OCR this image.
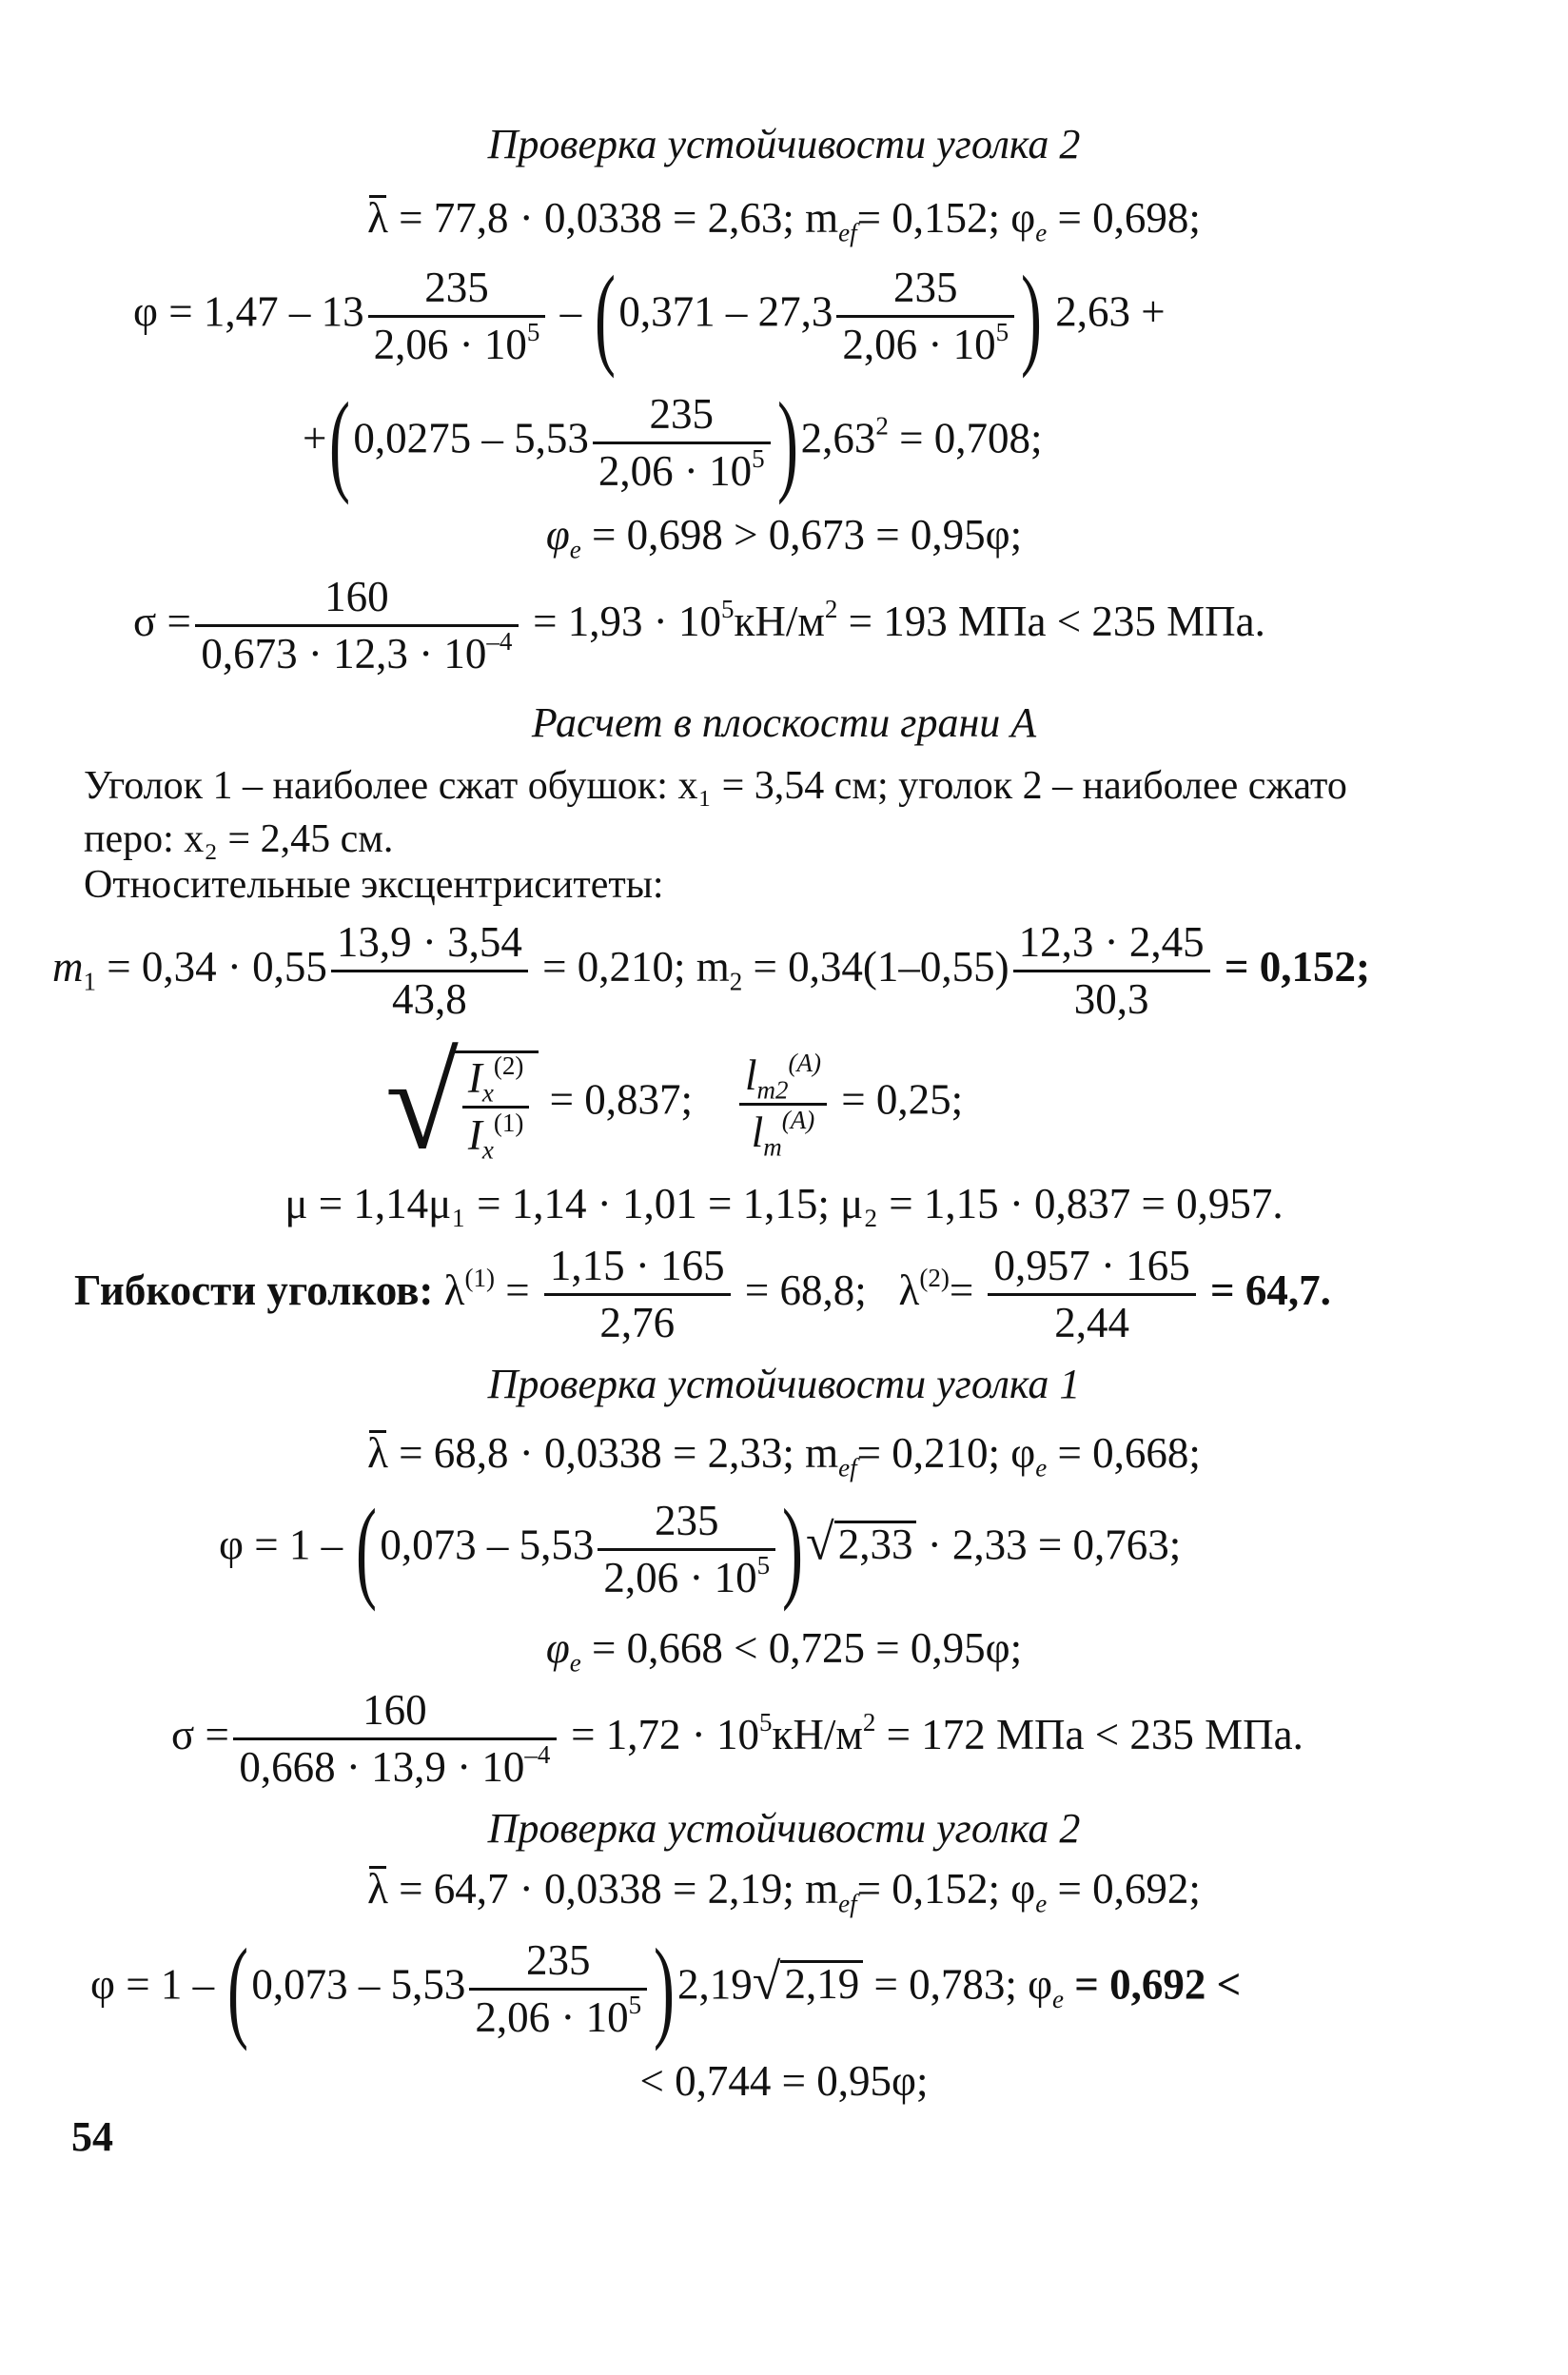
Проверка устойчивости уголка 2
λ = 77,8 · 0,0338 = 2,63; $m_{ef}= 0,152$; $\varphi_e = 0,698$;
$\varphi = 1,47 - 13 \frac{235}{2,06 \cdot 10^5} - (0,371 - 27,3 \frac{235}{2,06 \cdot 10^5}$ ) 2,63 +
$+(0,0275 - 5,53 \frac{235}{2,06 \cdot 10^5} )2,63^2 = 0,708$;
$\varphi_e = 0,698 > 0,673 = 0,95\varphi$;
$\sigma = \frac{160}{0,673 \cdot 12,3 \cdot 10^{-4}} = 1,93 \cdot 10^5кН/м^2 = 193$ МПа < 235 МПа.
Расчет в плоскости грани А
Уголок 1 – наиболее сжат обушок: x₁ = 3,54 см; уголок 2 – наиболее сжато перо: x₂ = 2,45 см.
Относительные эксцентриситеты:
$m_1 = 0,34 \cdot 0,55 \frac{13,9 \cdot 3,54}{43,8} = 0,210$; $m_2 = 0,34(1-0,55) \frac{12,3 \cdot 2,45}{30,3} = 0,152$;
√ $\frac{I_x^{(2)}}{I_x^{(1)}} = 0,837$; $\frac{l_{m2}^{(A)}}{l_m^{(A)}} = 0,25$;
μ = 1,14μ₁ = 1,14 · 1,01 = 1,15; μ₂ = 1,15 · 0,837 = 0,957.
Гибкости уголков: $\lambda^{(1)} = \frac{1,15 \cdot 165}{2,76} = 68,8$;   $\lambda^{(2)}= \frac{0,957 \cdot 165}{2,44} = 64,7$.
Проверка устойчивости уголка 1
λ = 68,8 · 0,0338 = 2,33; $m_{ef}= 0,210$; $\varphi_e = 0,668$;
$\varphi = 1 - (0,073 - 5,53 \frac{235}{2,06 \cdot 10^5} )√2,33 \cdot 2,33 = 0,763$;
$\varphi_e = 0,668 < 0,725 = 0,95\varphi$;
$\sigma = \frac{160}{0,668 \cdot 13,9 \cdot 10^{-4}} = 1,72 \cdot 10^5кН/м^2 = 172$ МПа < 235 МПа.
Проверка устойчивости уголка 2
λ = 64,7 · 0,0338 = 2,19; $m_{ef}= 0,152$; $\varphi_e = 0,692$;
$\varphi = 1 - (0,073 - 5,53 \frac{235}{2,06 \cdot 10^5} )2,19√2,19 = 0,783$; $\varphi_e = 0,692$ <
< 0,744 = 0,95φ;
54
